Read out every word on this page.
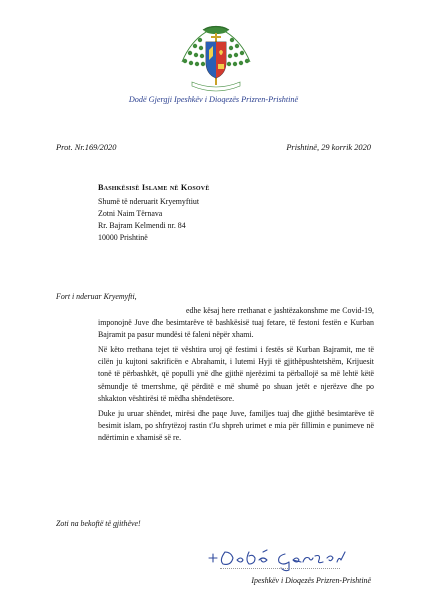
Dodë Gjergji Ipeshkëv i Dioqezës Prizren-Prishtinë
Prot. Nr.169/2020	Prishtinë, 29 korrik 2020
Bashkësisë Islame në Kosovë
Shumë të nderuarit Kryemyftiut
Zotni Naim Tërnava
Rr. Bajram Kelmendi nr. 84
10000 Prishtinë
Fort i nderuar Kryemyfti,

edhe kësaj here rrethanat e jashtëzakonshme me Covid-19, imponojnë Juve dhe besimtarëve të bashkësisë tuaj fetare, të festoni festën e Kurban Bajramit pa pasur mundësi të faleni nëpër xhami.

Në këto rrethana tejet të vështira uroj që festimi i festës së Kurban Bajramit, me të cilën ju kujtoni sakrificën e Abrahamit, i lutemi Hyji të gjithëpushtetshëm, Krijuesit tonë të përbashkët, që populli ynë dhe gjithë njerëzimi ta përballojë sa më lehtë këtë sëmundje të tmerrshme, që përditë e më shumë po shuan jetët e njerëzve dhe po shkakton vështirësi të mëdha shëndetësore.

Duke ju uruar shëndet, mirësi dhe paqe Juve, familjes tuaj dhe gjithë besimtarëve të besimit islam, po shfrytëzoj rastin t'Ju shpreh urimet e mia për fillimin e punimeve në ndërtimin e xhamisë së re.

Zoti na bekoftë të gjithëve!
Ipeshkëv i Dioqezës Prizren-Prishtinë
